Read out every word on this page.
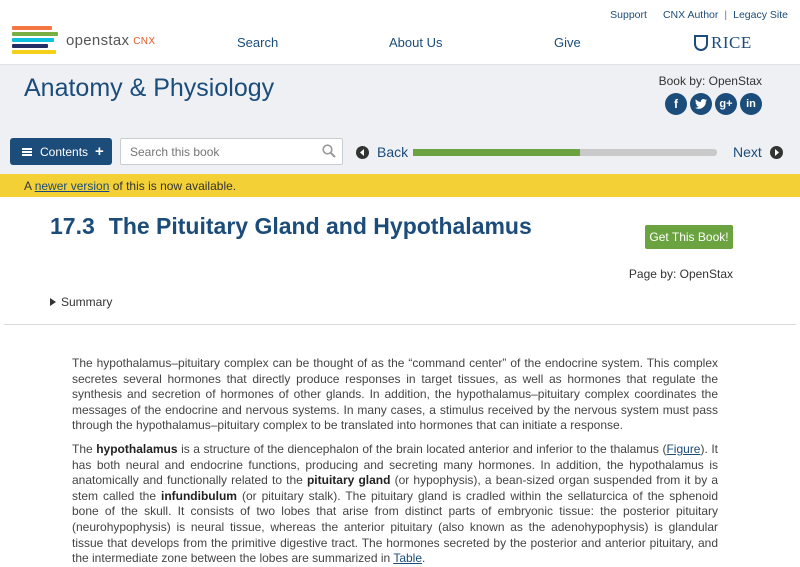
openstax CNX	Search	About Us	Give
Support CNX Author | Legacy Site
RICE
Anatomy & Physiology	Book by: OpenStax
f	g+	in
Contents +
Search this book	Back	Next
A newer version of this is now available.
17.3 The Pituitary Gland and Hypothalamus	Get This Book!
Page by: OpenStax
Summary

The hypothalamus–pituitary complex can be thought of as the “command center” of the endocrine system. This complex secretes several hormones that directly produce responses in target tissues, as well as hormones that regulate the synthesis and secretion of hormones of other glands. In addition, the hypothalamus–pituitary complex coordinates the messages of the endocrine and nervous systems. In many cases, a stimulus received by the nervous system must pass through the hypothalamus–pituitary complex to be translated into hormones that can initiate a response.

The hypothalamus is a structure of the diencephalon of the brain located anterior and inferior to the thalamus (Figure). It has both neural and endocrine functions, producing and secreting many hormones. In addition, the hypothalamus is anatomically and functionally related to the pituitary gland (or hypophysis), a bean-sized organ suspended from it by a stem called the infundibulum (or pituitary stalk). The pituitary gland is cradled within the sellaturcica of the sphenoid bone of the skull. It consists of two lobes that arise from distinct parts of embryonic tissue: the posterior pituitary (neurohypophysis) is neural tissue, whereas the anterior pituitary (also known as the adenohypophysis) is glandular tissue that develops from the primitive digestive tract. The hormones secreted by the posterior and anterior pituitary, and the intermediate zone between the lobes are summarized in Table.
